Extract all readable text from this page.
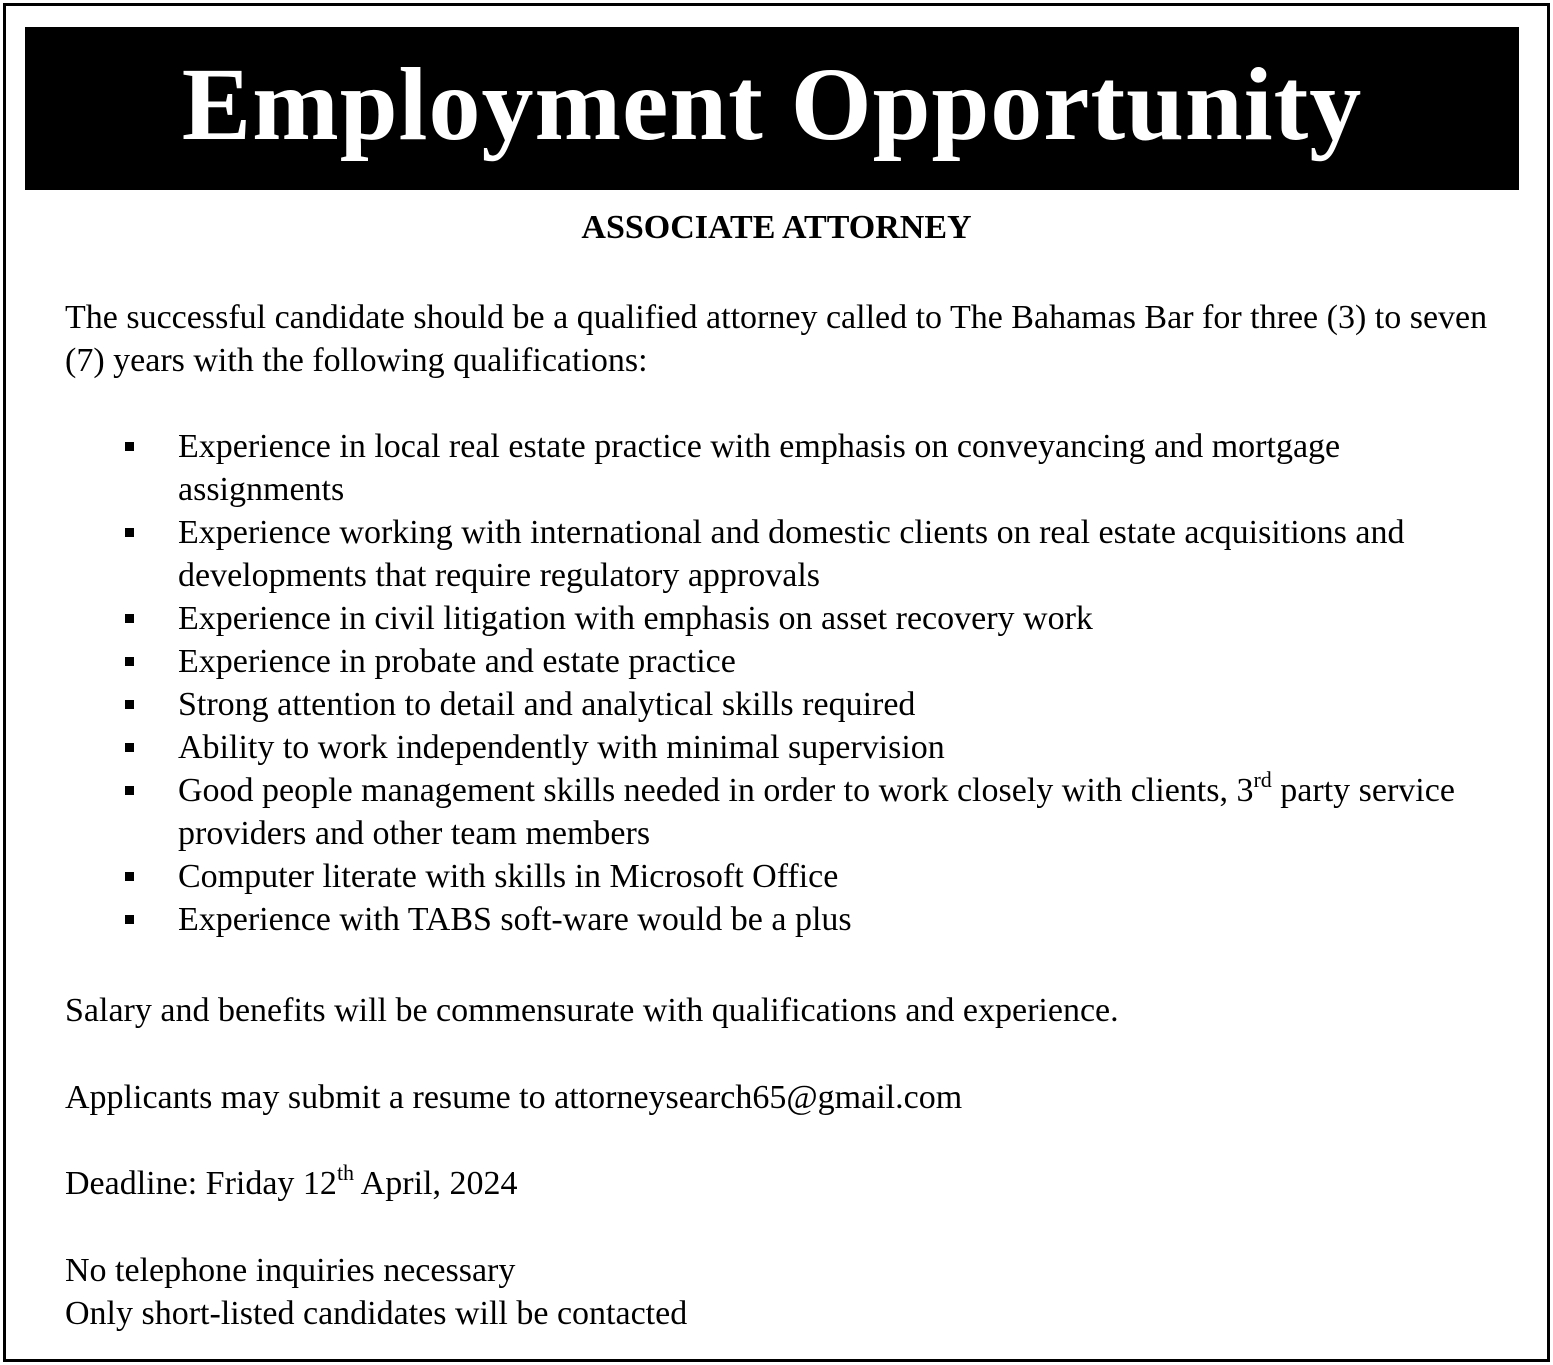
Employment Opportunity
ASSOCIATE ATTORNEY
The successful candidate should be a qualified attorney called to The Bahamas Bar for three (3) to seven (7) years with the following qualifications:
Experience in local real estate practice with emphasis on conveyancing and mortgage assignments
Experience working with international and domestic clients on real estate acquisitions and developments that require regulatory approvals
Experience in civil litigation with emphasis on asset recovery work
Experience in probate and estate practice
Strong attention to detail and analytical skills required
Ability to work independently with minimal supervision
Good people management skills needed in order to work closely with clients, 3rd party service providers and other team members
Computer literate with skills in Microsoft Office
Experience with TABS soft-ware would be a plus
Salary and benefits will be commensurate with qualifications and experience.
Applicants may submit a resume to attorneysearch65@gmail.com
Deadline: Friday 12th April, 2024
No telephone inquiries necessary
Only short-listed candidates will be contacted
